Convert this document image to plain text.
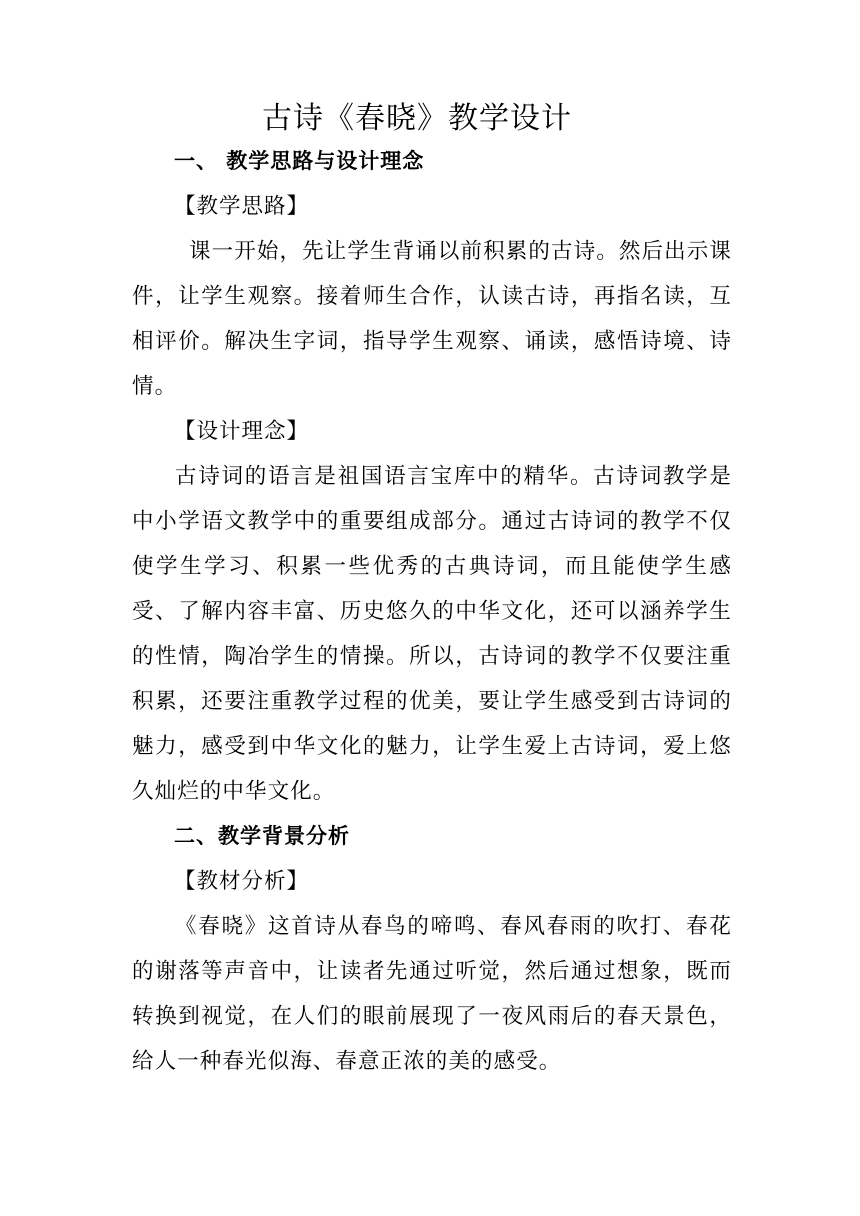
古诗《春晓》教学设计
一、 教学思路与设计理念
【教学思路】

课一开始，先让学生背诵以前积累的古诗。然后出示课件，让学生观察。接着师生合作，认读古诗，再指名读，互相评价。解决生字词，指导学生观察、诵读，感悟诗境、诗情。

【设计理念】

古诗词的语言是祖国语言宝库中的精华。古诗词教学是中小学语文教学中的重要组成部分。通过古诗词的教学不仅使学生学习、积累一些优秀的古典诗词，而且能使学生感受、了解内容丰富、历史悠久的中华文化，还可以涵养学生的性情，陶冶学生的情操。所以，古诗词的教学不仅要注重积累，还要注重教学过程的优美，要让学生感受到古诗词的魅力，感受到中华文化的魅力，让学生爱上古诗词，爱上悠久灿烂的中华文化。

二、教学背景分析
【教材分析】

《春晓》这首诗从春鸟的啼鸣、春风春雨的吹打、春花的谢落等声音中，让读者先通过听觉，然后通过想象，既而转换到视觉，在人们的眼前展现了一夜风雨后的春天景色，给人一种春光似海、春意正浓的美的感受。
